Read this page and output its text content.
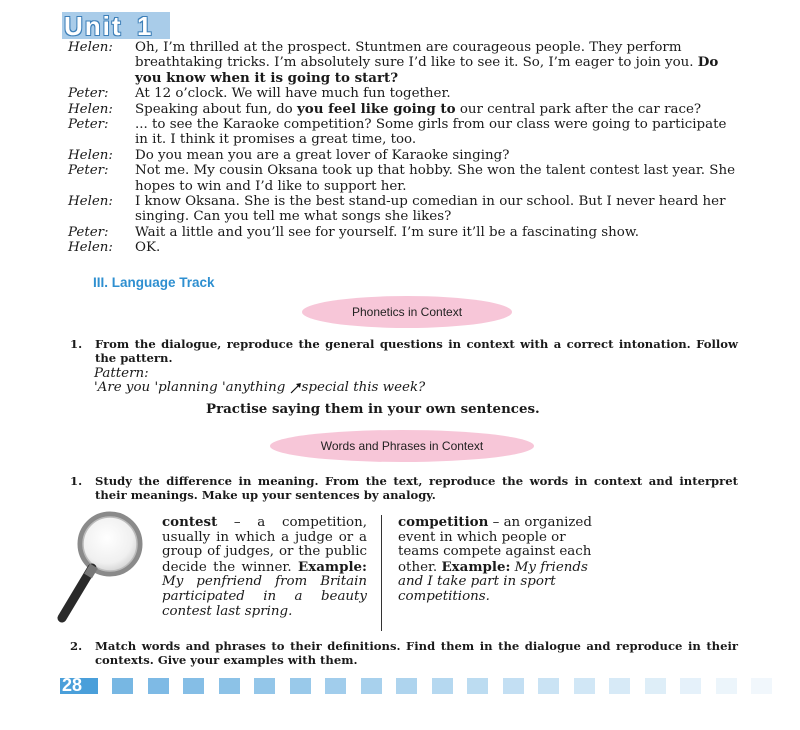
Unit 1
Helen:	Oh, I’m thrilled at the prospect. Stuntmen are courageous people. They perform breathtaking tricks. I’m absolutely sure I’d like to see it. So, I’m eager to join you. Do you know when it is going to start?
Peter:	At 12 o’clock. We will have much fun together.
Helen:	Speaking about fun, do you feel like going to our central park after the car race?
Peter:	... to see the Karaoke competition? Some girls from our class were going to participate in it. I think it promises a great time, too.
Helen:	Do you mean you are a great lover of Karaoke singing?
Peter:	Not me. My cousin Oksana took up that hobby. She won the talent contest last year. She hopes to win and I’d like to support her.
Helen:	I know Oksana. She is the best stand-up comedian in our school. But I never heard her singing. Can you tell me what songs she likes?
Peter:	Wait a little and you’ll see for yourself. I’m sure it’ll be a fascinating show.
Helen:	OK.
III. Language Track
Phonetics in Context
1.	From the dialogue, reproduce the general questions in context with a correct intonation. Follow the pattern.
Pattern:
'Are you 'planning 'anything special this week?
Practise saying them in your own sentences.
Words and Phrases in Context
1.	Study the difference in meaning. From the text, reproduce the words in context and interpret their meanings. Make up your sentences by analogy.
contest – a competition, usually in which a judge or a group of judges, or the public decide the winner. Example: My penfriend from Britain participated in a beauty contest last spring.
competition – an organized event in which people or teams compete against each other. Example: My friends and I take part in sport competitions.
2.	Match words and phrases to their definitions. Find them in the dialogue and reproduce in their contexts. Give your examples with them.
28
